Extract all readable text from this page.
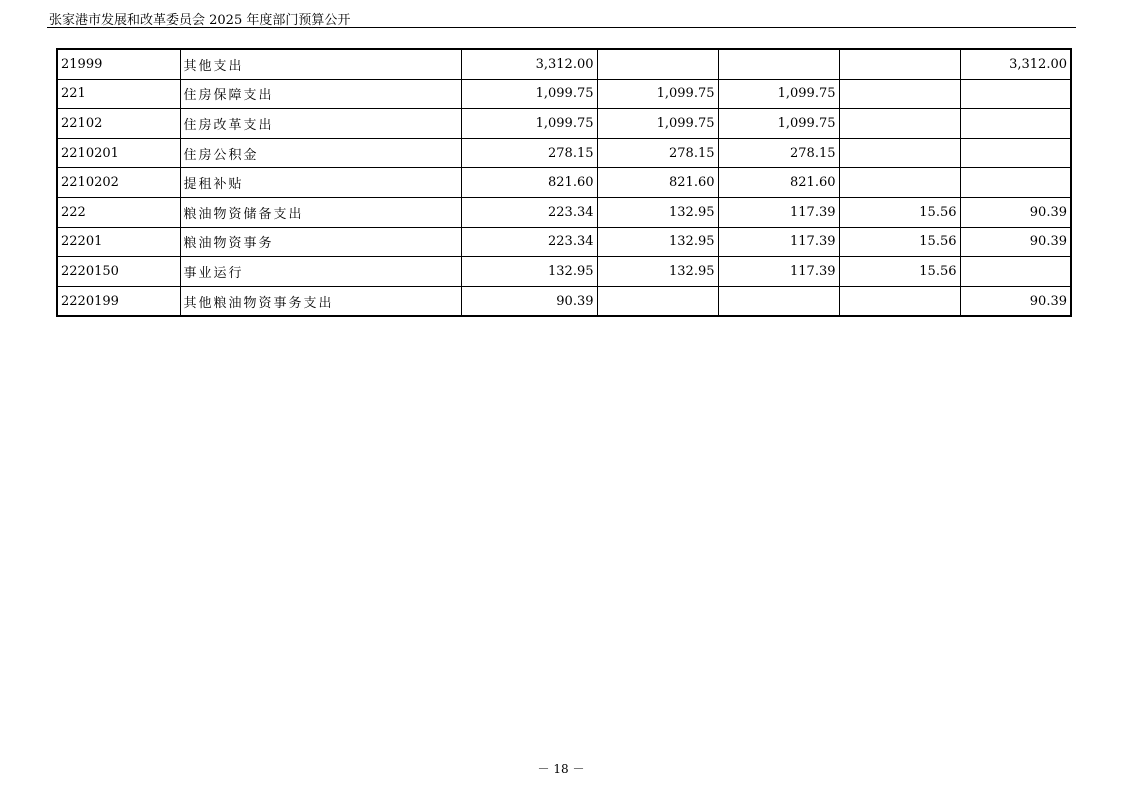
张家港市发展和改革委员会 2025 年度部门预算公开
21999	其他支出	3,312.00				3,312.00
221	住房保障支出	1,099.75	1,099.75	1,099.75		
22102	住房改革支出	1,099.75	1,099.75	1,099.75		
2210201	住房公积金	278.15	278.15	278.15		
2210202	提租补贴	821.60	821.60	821.60		
222	粮油物资储备支出	223.34	132.95	117.39	15.56	90.39
22201	粮油物资事务	223.34	132.95	117.39	15.56	90.39
2220150	事业运行	132.95	132.95	117.39	15.56	
2220199	其他粮油物资事务支出	90.39				90.39
－ 18 －
